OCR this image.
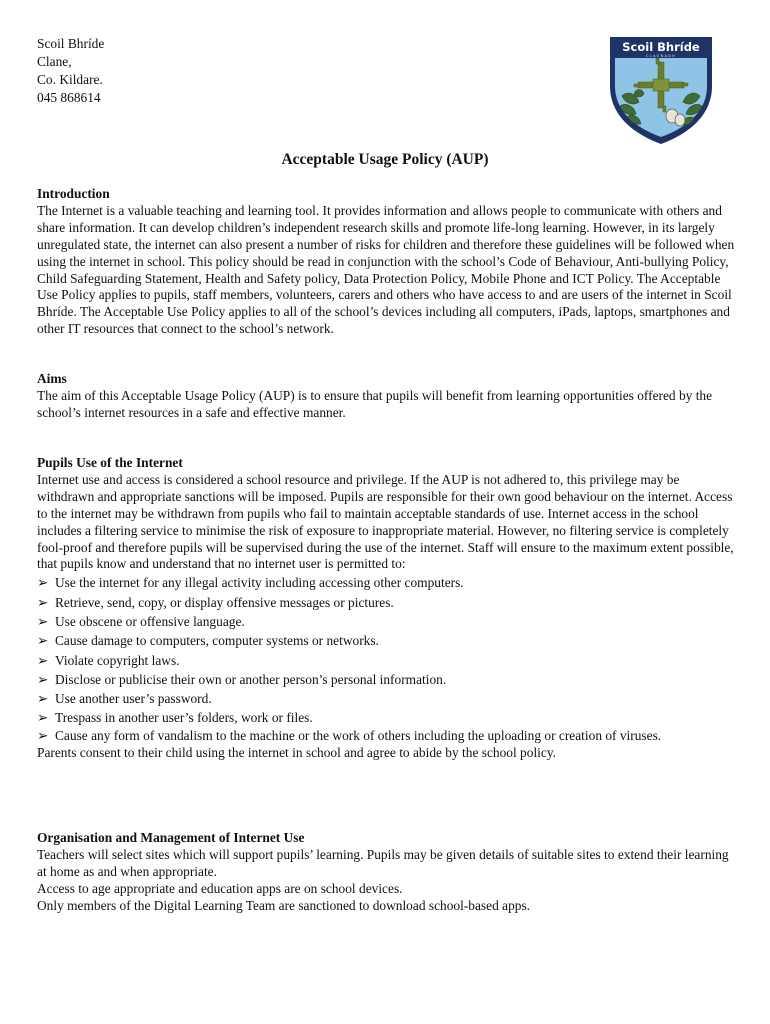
Scoil Bhríde
Clane,
Co. Kildare.
045 868614
Scoil Bhríde
CLAONADH
Acceptable Usage Policy (AUP)
Introduction

The Internet is a valuable teaching and learning tool. It provides information and allows people to communicate with others and share information. It can develop children’s independent research skills and promote life-long learning. However, in its largely unregulated state, the internet can also present a number of risks for children and therefore these guidelines will be followed when using the internet in school. This policy should be read in conjunction with the school’s Code of Behaviour, Anti-bullying Policy, Child Safeguarding Statement, Health and Safety policy, Data Protection Policy, Mobile Phone and ICT Policy. The Acceptable Use Policy applies to pupils, staff members, volunteers, carers and others who have access to and are users of the internet in Scoil Bhríde. The Acceptable Use Policy applies to all of the school’s devices including all computers, iPads, laptops, smartphones and other IT resources that connect to the school’s network.

Aims

The aim of this Acceptable Usage Policy (AUP) is to ensure that pupils will benefit from learning opportunities offered by the school’s internet resources in a safe and effective manner.

Pupils Use of the Internet

Internet use and access is considered a school resource and privilege. If the AUP is not adhered to, this privilege may be withdrawn and appropriate sanctions will be imposed. Pupils are responsible for their own good behaviour on the internet. Access to the internet may be withdrawn from pupils who fail to maintain acceptable standards of use. Internet access in the school includes a filtering service to minimise the risk of exposure to inappropriate material. However, no filtering service is completely fool-proof and therefore pupils will be supervised during the use of the internet. Staff will ensure to the maximum extent possible, that pupils know and understand that no internet user is permitted to:

➢ Use the internet for any illegal activity including accessing other computers.
➢ Retrieve, send, copy, or display offensive messages or pictures.
➢ Use obscene or offensive language.
➢ Cause damage to computers, computer systems or networks.
➢ Violate copyright laws.
➢ Disclose or publicise their own or another person’s personal information.
➢ Use another user’s password.
➢ Trespass in another user’s folders, work or files.
➢ Cause any form of vandalism to the machine or the work of others including the uploading or creation of viruses.
Parents consent to their child using the internet in school and agree to abide by the school policy.
Organisation and Management of Internet Use
Teachers will select sites which will support pupils’ learning. Pupils may be given details of suitable sites to extend their learning at home as and when appropriate.
Access to age appropriate and education apps are on school devices.
Only members of the Digital Learning Team are sanctioned to download school-based apps.
